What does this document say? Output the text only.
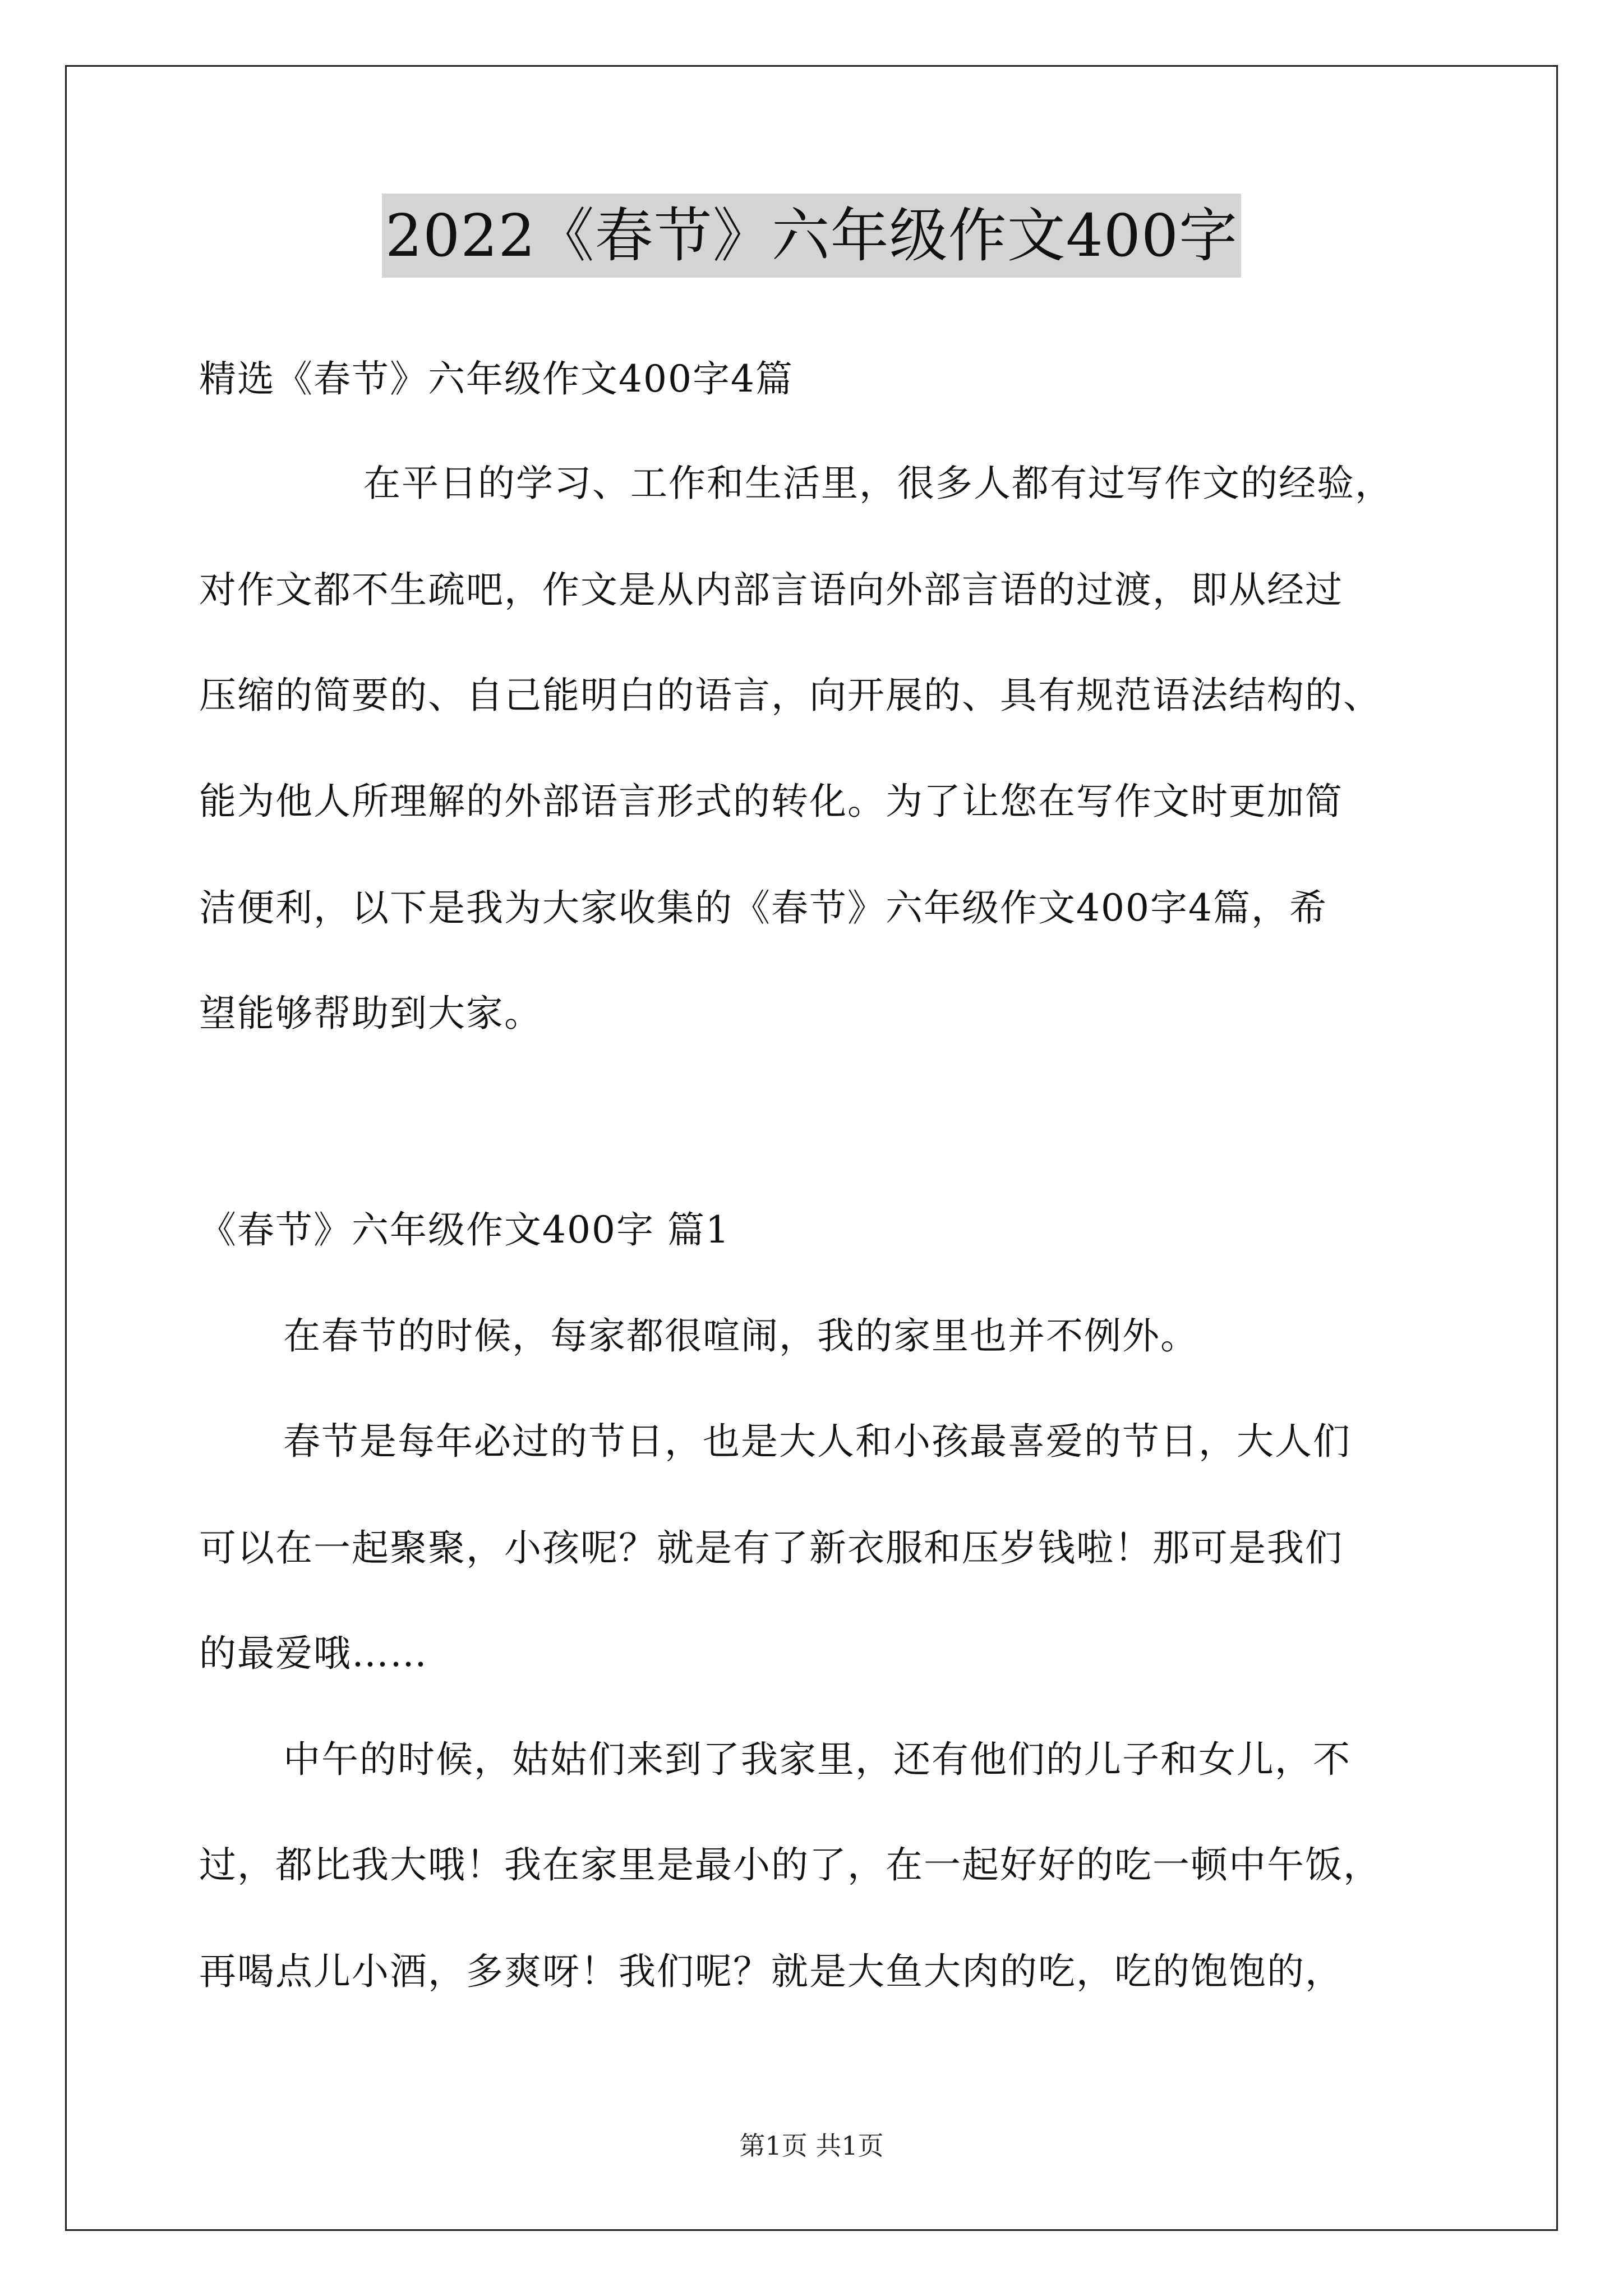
2022《春节》六年级作文400字
精选《春节》六年级作文400字4篇
在平日的学习、工作和生活里，很多人都有过写作文的经验，
对作文都不生疏吧，作文是从内部言语向外部言语的过渡，即从经过
压缩的简要的、自己能明白的语言，向开展的、具有规范语法结构的、
能为他人所理解的外部语言形式的转化。为了让您在写作文时更加简
洁便利，以下是我为大家收集的《春节》六年级作文400字4篇，希
望能够帮助到大家。
《春节》六年级作文400字 篇1
在春节的时候，每家都很喧闹，我的家里也并不例外。
春节是每年必过的节日，也是大人和小孩最喜爱的节日，大人们
可以在一起聚聚，小孩呢？就是有了新衣服和压岁钱啦！那可是我们
的最爱哦……
中午的时候，姑姑们来到了我家里，还有他们的儿子和女儿，不
过，都比我大哦！我在家里是最小的了，在一起好好的吃一顿中午饭，
再喝点儿小酒，多爽呀！我们呢？就是大鱼大肉的吃，吃的饱饱的，
第1页 共1页
